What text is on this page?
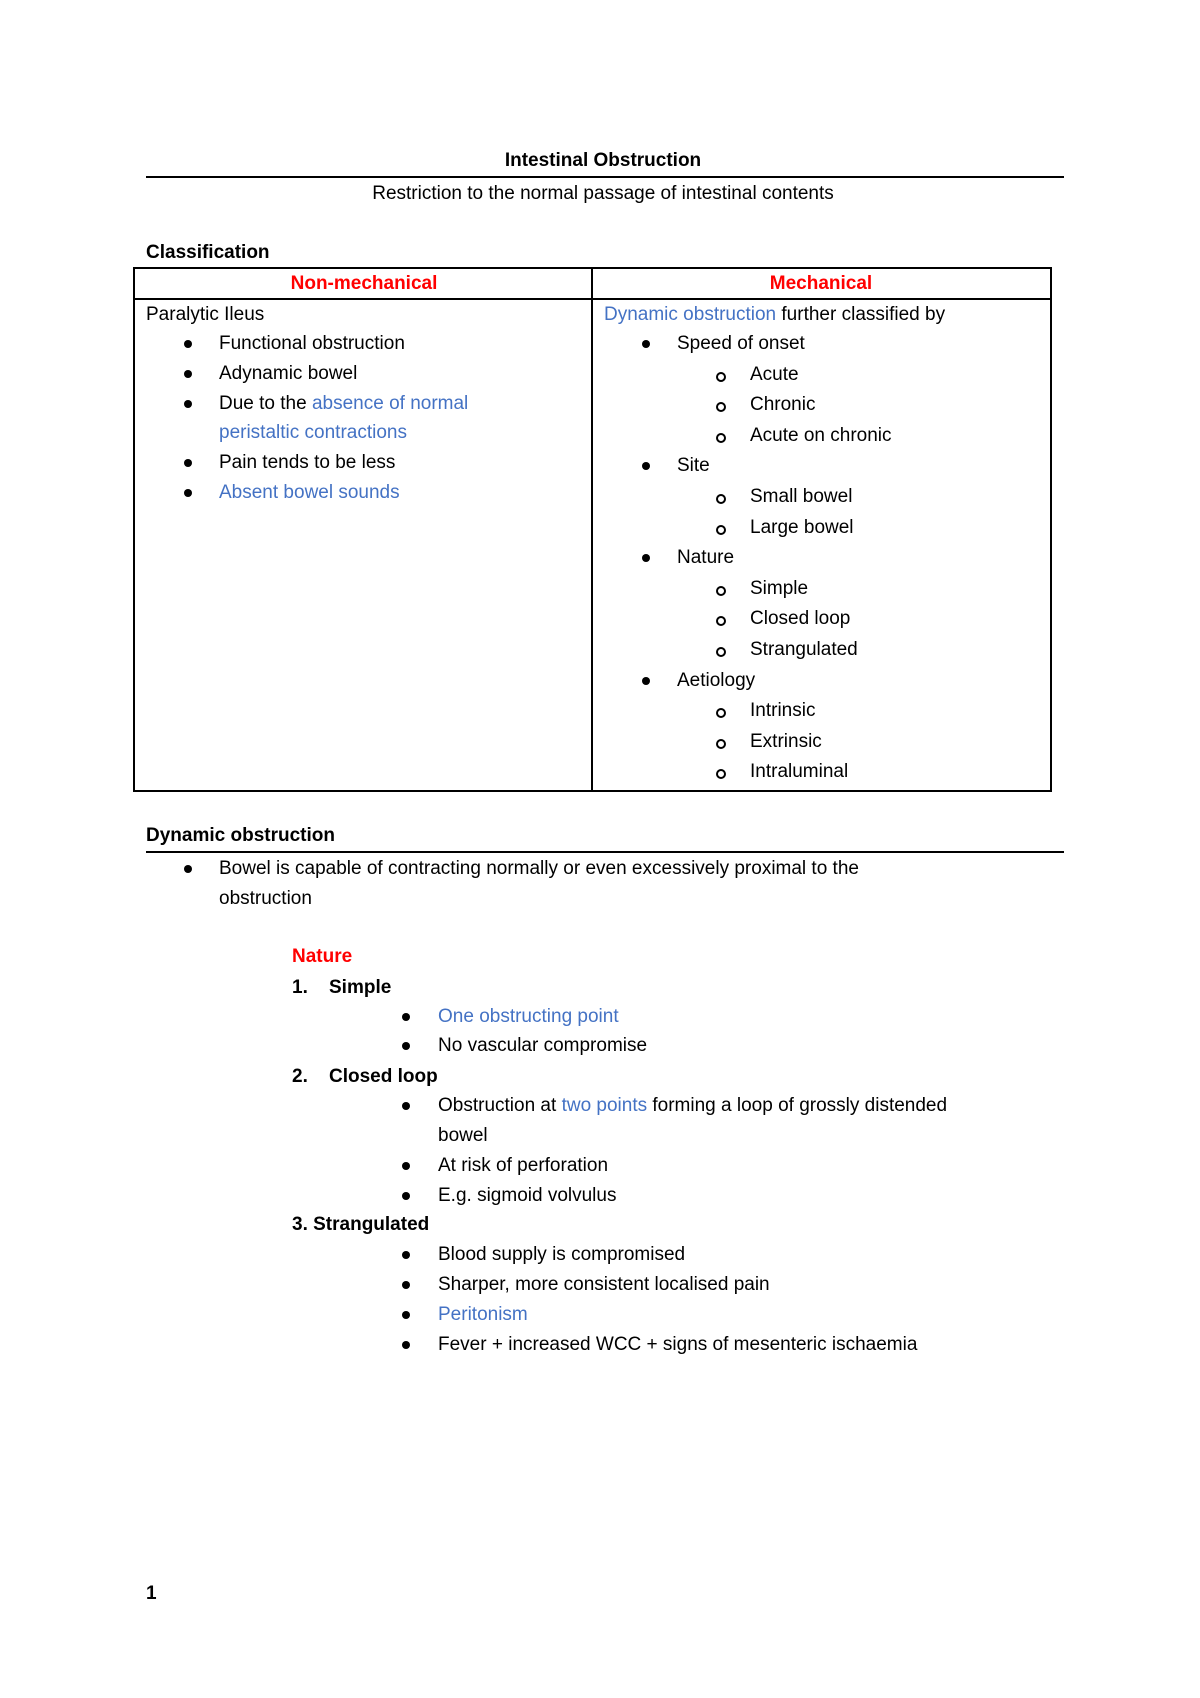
Intestinal Obstruction
Restriction to the normal passage of intestinal contents
Classification
Non-mechanical	Mechanical
Paralytic Ileus
Functional obstruction
Adynamic bowel
Due to the absence of normal
peristaltic contractions
Pain tends to be less
Absent bowel sounds
Dynamic obstruction further classified by
Speed of onset
Acute
Chronic
Acute on chronic
Site
Small bowel
Large bowel
Nature
Simple
Closed loop
Strangulated
Aetiology
Intrinsic
Extrinsic
Intraluminal
Dynamic obstruction
Bowel is capable of contracting normally or even excessively proximal to the
obstruction
Nature
1. Simple
One obstructing point
No vascular compromise
2. Closed loop
Obstruction at two points forming a loop of grossly distended
bowel
At risk of perforation
E.g. sigmoid volvulus
3. Strangulated
Blood supply is compromised
Sharper, more consistent localised pain
Peritonism
Fever + increased WCC + signs of mesenteric ischaemia
1
